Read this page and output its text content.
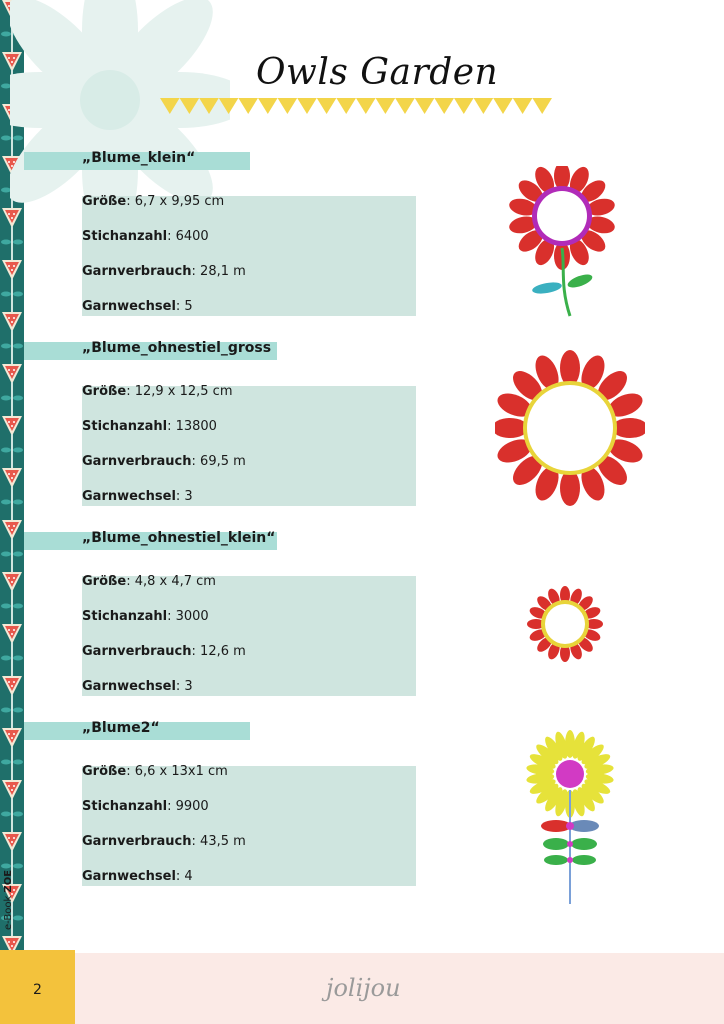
Owls Garden
„Blume_klein“
Größe: 6,7 x 9,95 cm
Stichanzahl: 6400
Garnverbrauch: 28,1 m
Garnwechsel: 5
„Blume_ohnestiel_gross
Größe: 12,9 x 12,5 cm
Stichanzahl: 13800
Garnverbrauch: 69,5 m
Garnwechsel: 3
„Blume_ohnestiel_klein“
Größe: 4,8 x 4,7 cm
Stichanzahl: 3000
Garnverbrauch: 12,6 m
Garnwechsel: 3
„Blume2“
Größe: 6,6 x 13x1 cm
Stichanzahl: 9900
Garnverbrauch: 43,5 m
Garnwechsel: 4
e-Book ZOE
2	jolijou
